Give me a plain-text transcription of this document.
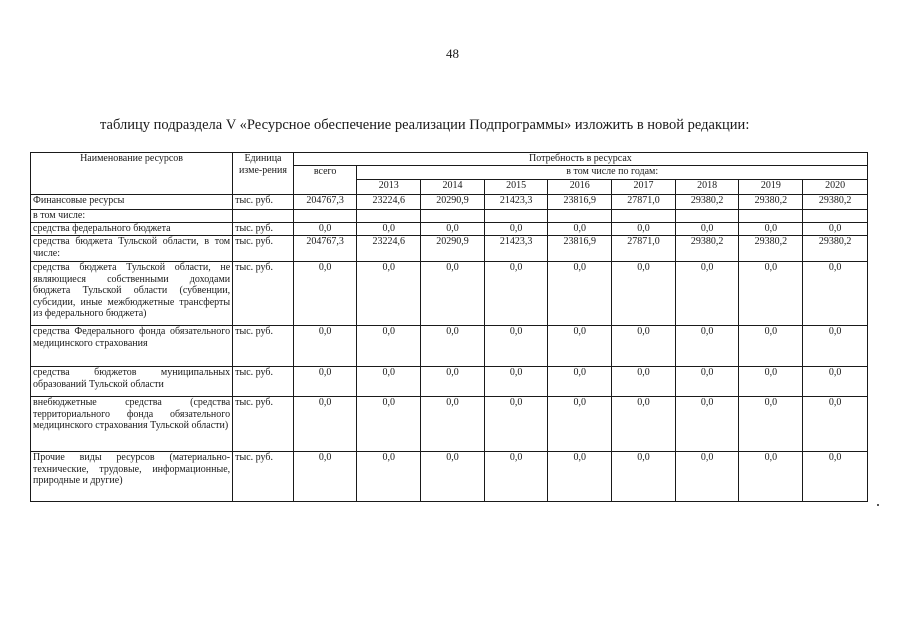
48
таблицу подраздела V «Ресурсное обеспечение реализации Подпрограммы» изложить в новой редакции:
Наименование ресурсов	Единица изме-рения	Потребность в ресурсах								
		всего	в том числе по годам:							
			2013	2014	2015	2016	2017	2018	2019	2020
Финансовые ресурсы	тыс. руб.	204767,3	23224,6	20290,9	21423,3	23816,9	27871,0	29380,2	29380,2	29380,2
в том числе:										
средства федерального бюджета	тыс. руб.	0,0	0,0	0,0	0,0	0,0	0,0	0,0	0,0	0,0
средства бюджета Тульской области, в том числе:	тыс. руб.	204767,3	23224,6	20290,9	21423,3	23816,9	27871,0	29380,2	29380,2	29380,2
средства бюджета Тульской области, не являющиеся собственными доходами бюджета Тульской области (субвенции, субсидии, иные межбюджетные трансферты из федерального бюджета)	тыс. руб.	0,0	0,0	0,0	0,0	0,0	0,0	0,0	0,0	0,0
средства Федерального фонда обязательного медицинского страхования	тыс. руб.	0,0	0,0	0,0	0,0	0,0	0,0	0,0	0,0	0,0
средства бюджетов муниципальных образований Тульской области	тыс. руб.	0,0	0,0	0,0	0,0	0,0	0,0	0,0	0,0	0,0
внебюджетные средства (средства территориального фонда обязательного медицинского страхования Тульской области)	тыс. руб.	0,0	0,0	0,0	0,0	0,0	0,0	0,0	0,0	0,0
Прочие виды ресурсов (материально-технические, трудовые, информационные, природные и другие)	тыс. руб.	0,0	0,0	0,0	0,0	0,0	0,0	0,0	0,0	0,0
